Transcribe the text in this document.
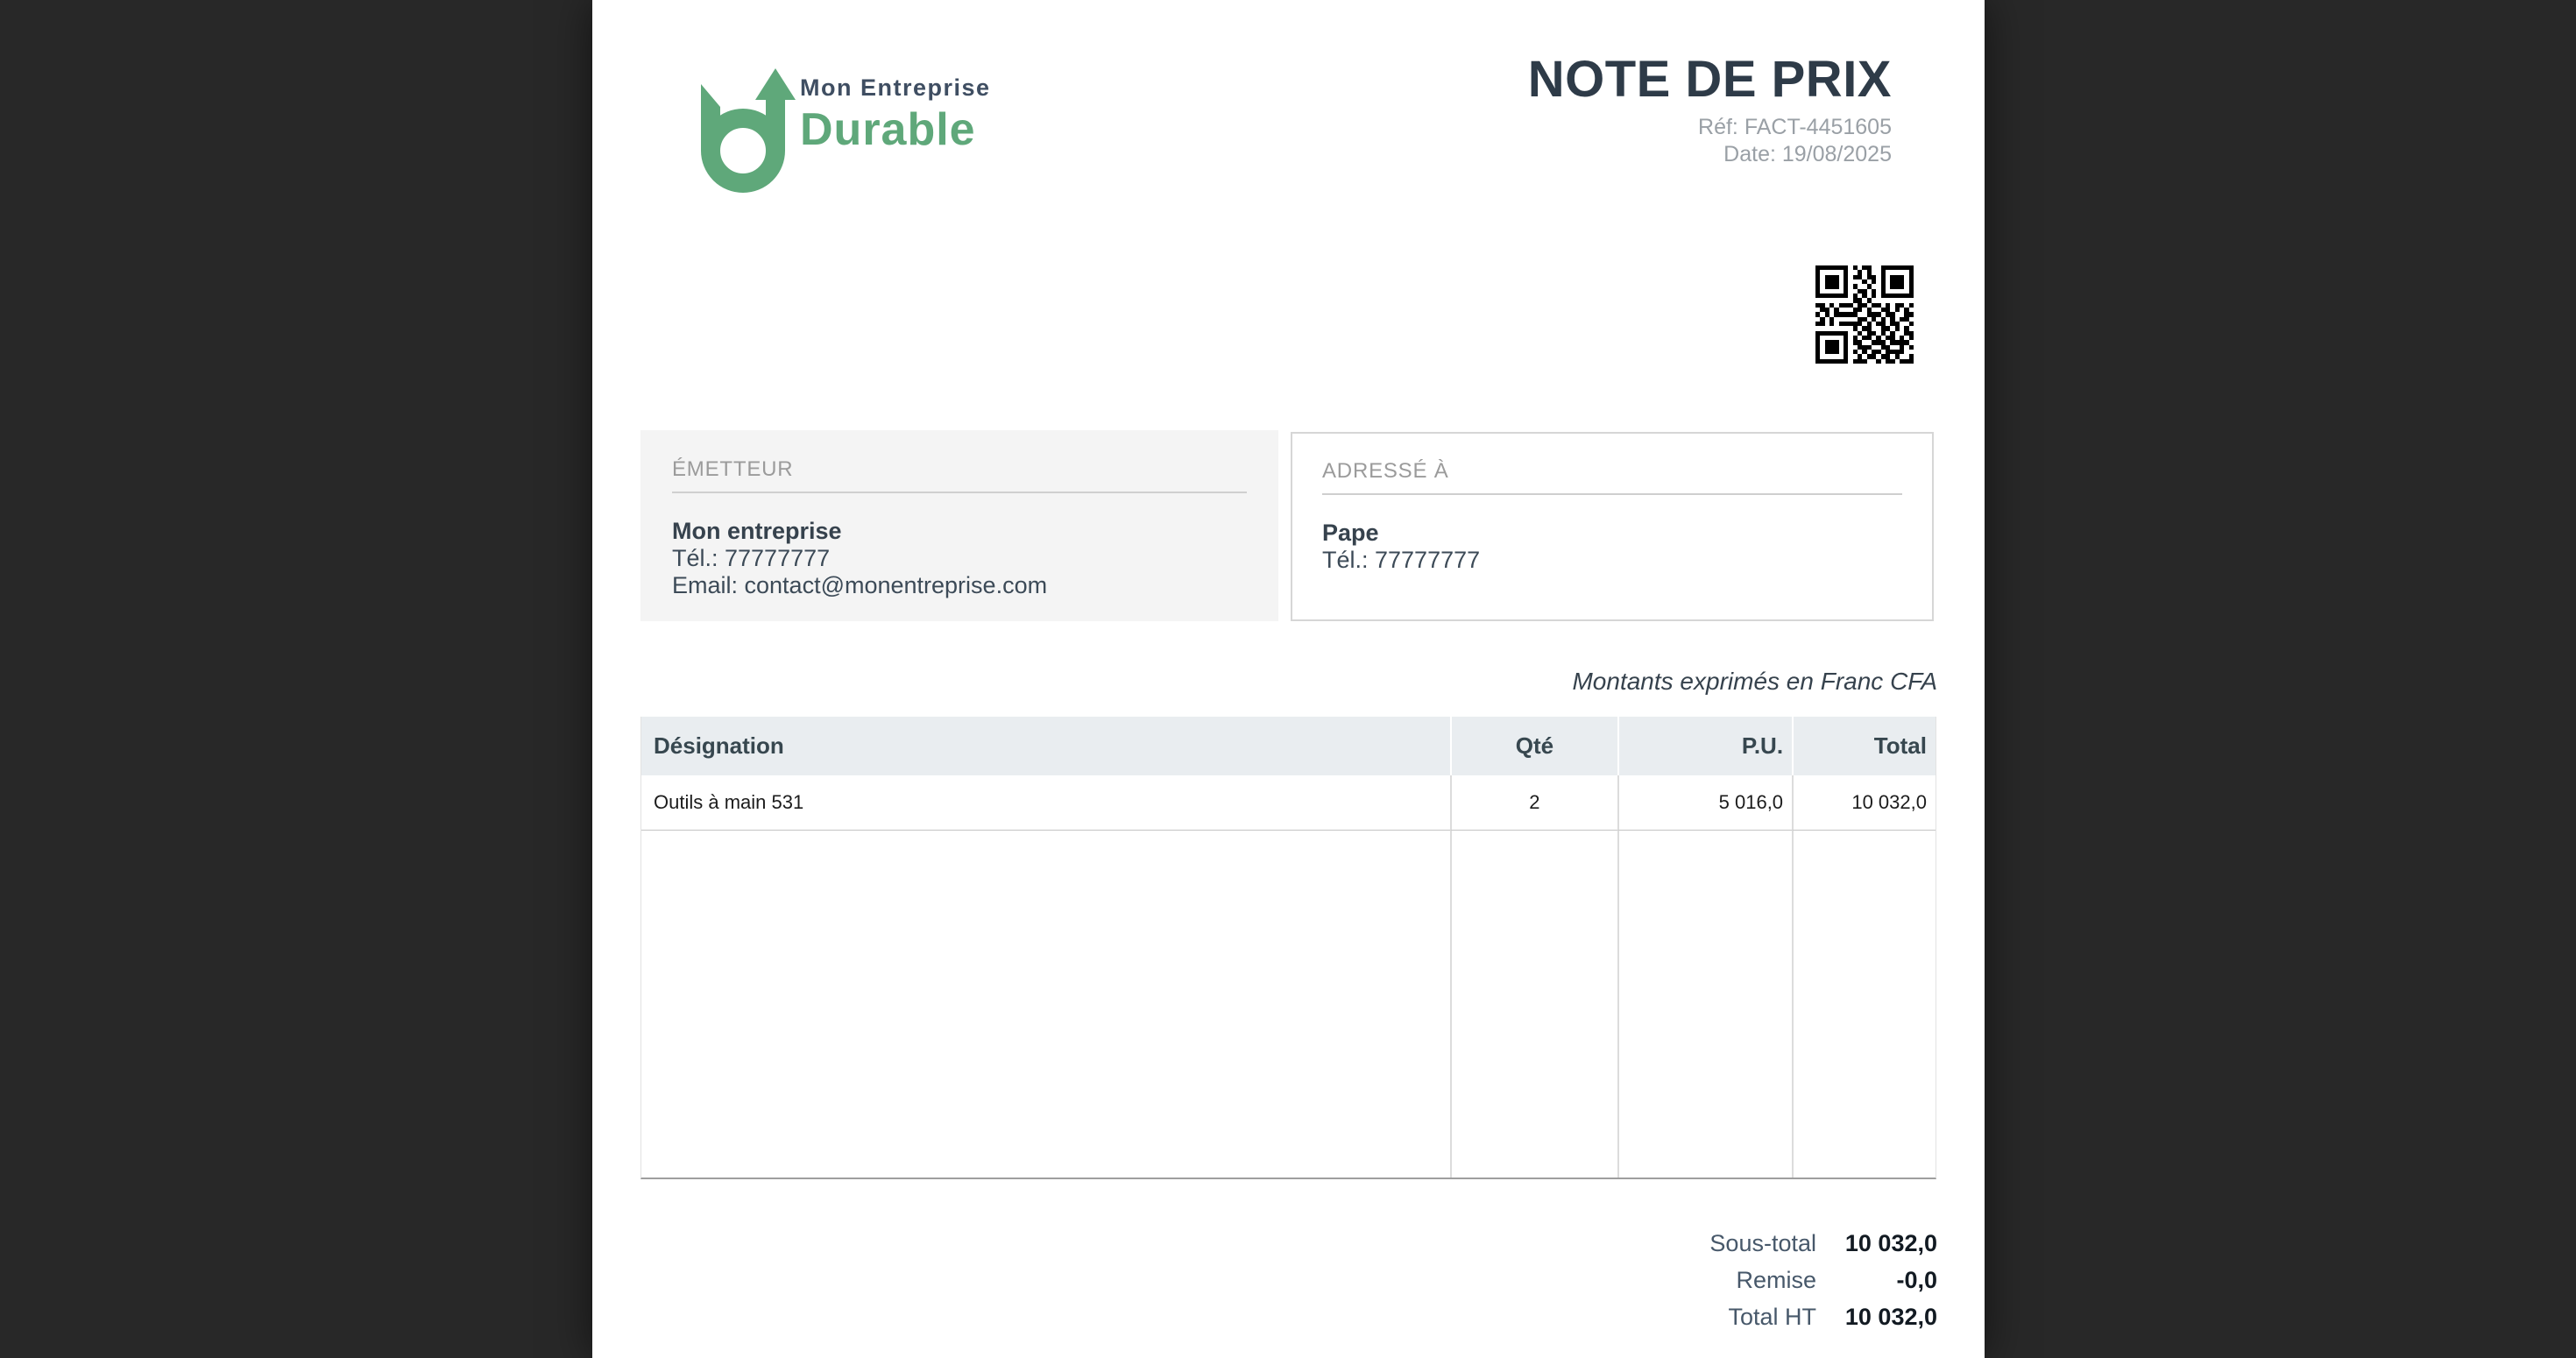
Mon Entreprise
Durable
NOTE DE PRIX
Réf: FACT-4451605
Date: 19/08/2025
ÉMETTEUR
Mon entreprise
Tél.: 77777777
Email: contact@monentreprise.com
ADRESSÉ À
Pape
Tél.: 77777777
Montants exprimés en Franc CFA
Désignation	Qté	P.U.	Total
Outils à main 531	2	5 016,0	10 032,0
Sous-total	10 032,0
Remise	-0,0
Total HT	10 032,0
